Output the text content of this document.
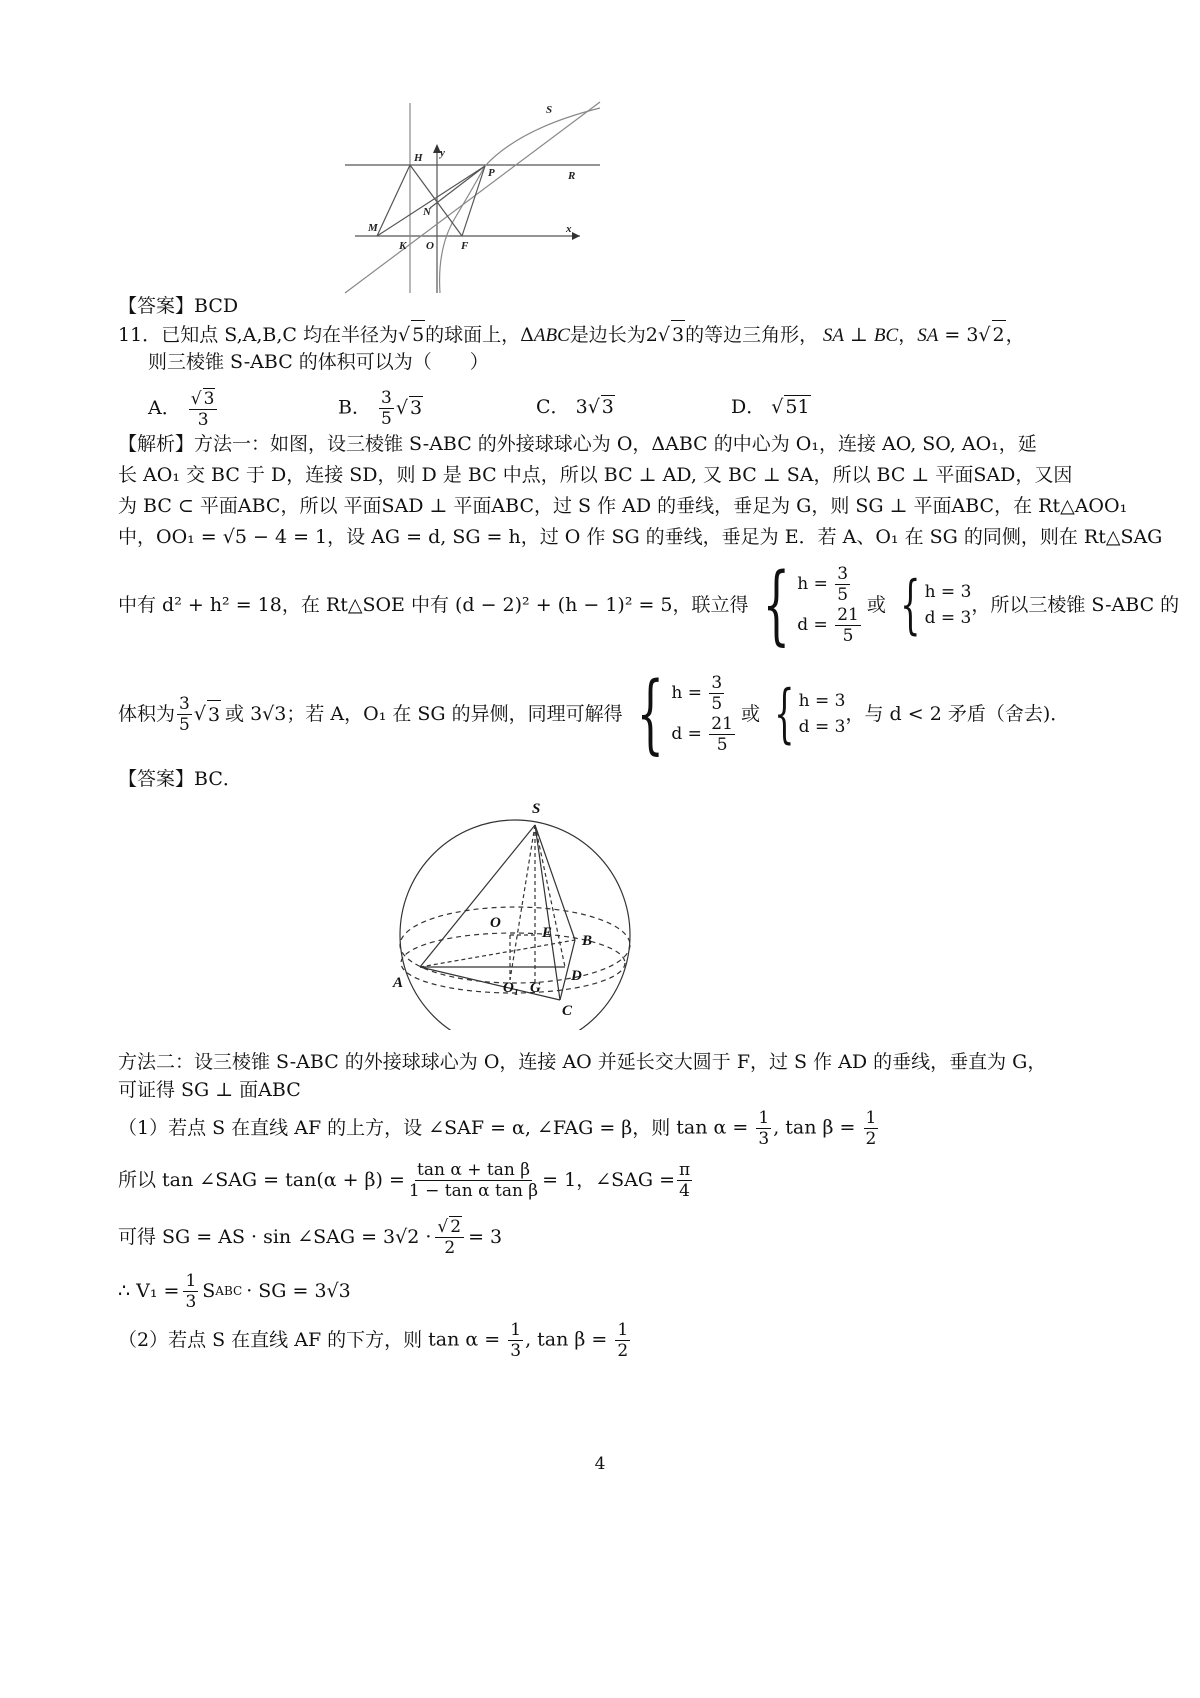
S
H y
P	R
N
M
K O F
x
【答案】BCD
11．已知点 S,A,B,C 均在半径为 √ 5的球面上，ΔABC是边长为2 √ 3的等边三角形， SA ⊥ BC，SA = 3 √ 2，
则三棱锥 S-ABC 的体积可以为（　　）
A． √ $\frac{3}{3}$	B． $\frac{3}{5}$ √ 3	C． 3 √ 3	D． √ 51
【解析】方法一：如图，设三棱锥 S-ABC 的外接球球心为 O，ΔABC 的中心为 O₁，连接 AO, SO, AO₁，延
长 AO₁ 交 BC 于 D，连接 SD，则 D 是 BC 中点，所以 BC ⊥ AD, 又 BC ⊥ SA，所以 BC ⊥ 平面SAD，又因
为 BC ⊂ 平面ABC，所以 平面SAD ⊥ 平面ABC，过 S 作 AD 的垂线，垂足为 G，则 SG ⊥ 平面ABC，在 Rt△AOO₁
中，OO₁ = √5 − 4 = 1，设 AG = d, SG = h，过 O 作 SG 的垂线，垂足为 E．若 A、O₁ 在 SG 的同侧，则在 Rt△SAG
中有 d² + h² = 18，在 Rt△SOE 中有 (d − 2)² + (h − 1)² = 5，联立得 { $h = \frac{3}{5}$
$d = \frac{21}{5}$ 或 { h = 3
d = 3
，所以三棱锥 S-ABC 的
体积为 $\frac{3}{5}$ √ 3 或 3√3；若 A，O₁ 在 SG 的异侧，同理可解得 { $h = \frac{3}{5}$
$d = \frac{21}{5}$ 或 { h = 3
d = 3
，与 d < 2 矛盾（舍去)．
【答案】BC．
S
O
E B
A	D
O₁ G
C
方法二：设三棱锥 S-ABC 的外接球球心为 O，连接 AO 并延长交大圆于 F，过 S 作 AD 的垂线，垂直为 G，
可证得 SG ⊥ 面ABC
（1）若点 S 在直线 AF 的上方，设 ∠SAF = α, ∠FAG = β，则 $\tan \alpha = \frac{1}{3}$ , $\tan \beta = \frac{1}{2}$
所以 tan ∠SAG = $\tan(\alpha + \beta) = \frac{\text{tan α + tan β}}{\text{1 − tan α tan β}} = 1$，∠SAG = $\frac{\pi}{4}$
可得 SG = AS · sin ∠SAG = 3√2 · √ $\frac{2}{2} = 3$
∴ $V_1 = \frac{1}{3}$ S ABC · SG = 3√3
（2）若点 S 在直线 AF 的下方，则 $\tan \alpha = \frac{1}{3}$ , $\tan \beta = \frac{1}{2}$
4
